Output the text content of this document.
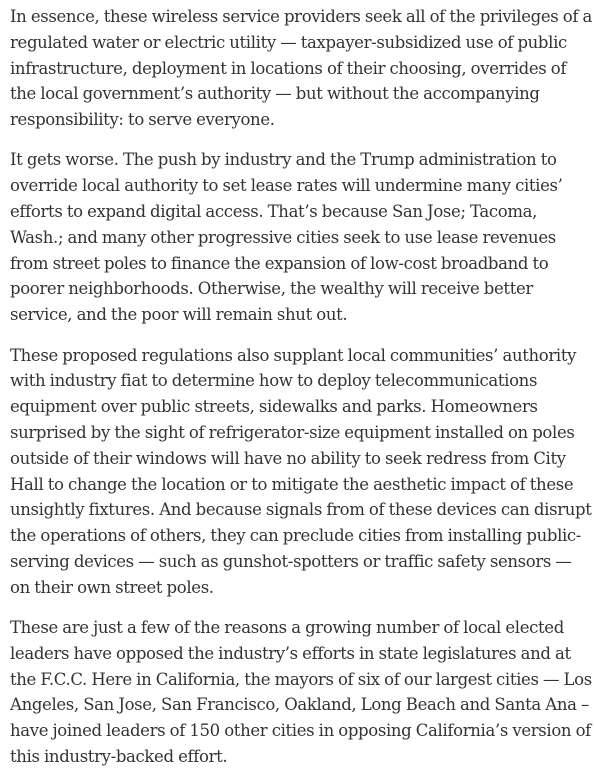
In essence, these wireless service providers seek all of the privileges of a regulated water or electric utility — taxpayer-subsidized use of public infrastructure, deployment in locations of their choosing, overrides of the local government’s authority — but without the accompanying responsibility: to serve everyone.

It gets worse. The push by industry and the Trump administration to override local authority to set lease rates will undermine many cities’ efforts to expand digital access. That’s because San Jose; Tacoma, Wash.; and many other progressive cities seek to use lease revenues from street poles to finance the expansion of low-cost broadband to poorer neighborhoods. Otherwise, the wealthy will receive better service, and the poor will remain shut out.

These proposed regulations also supplant local communities’ authority with industry fiat to determine how to deploy telecommunications equipment over public streets, sidewalks and parks. Homeowners surprised by the sight of refrigerator-size equipment installed on poles outside of their windows will have no ability to seek redress from City Hall to change the location or to mitigate the aesthetic impact of these unsightly fixtures. And because signals from of these devices can disrupt the operations of others, they can preclude cities from installing public-serving devices — such as gunshot-spotters or traffic safety sensors — on their own street poles.

These are just a few of the reasons a growing number of local elected leaders have opposed the industry’s efforts in state legislatures and at the F.C.C. Here in California, the mayors of six of our largest cities — Los Angeles, San Jose, San Francisco, Oakland, Long Beach and Santa Ana – have joined leaders of 150 other cities in opposing California’s version of this industry-backed effort.
